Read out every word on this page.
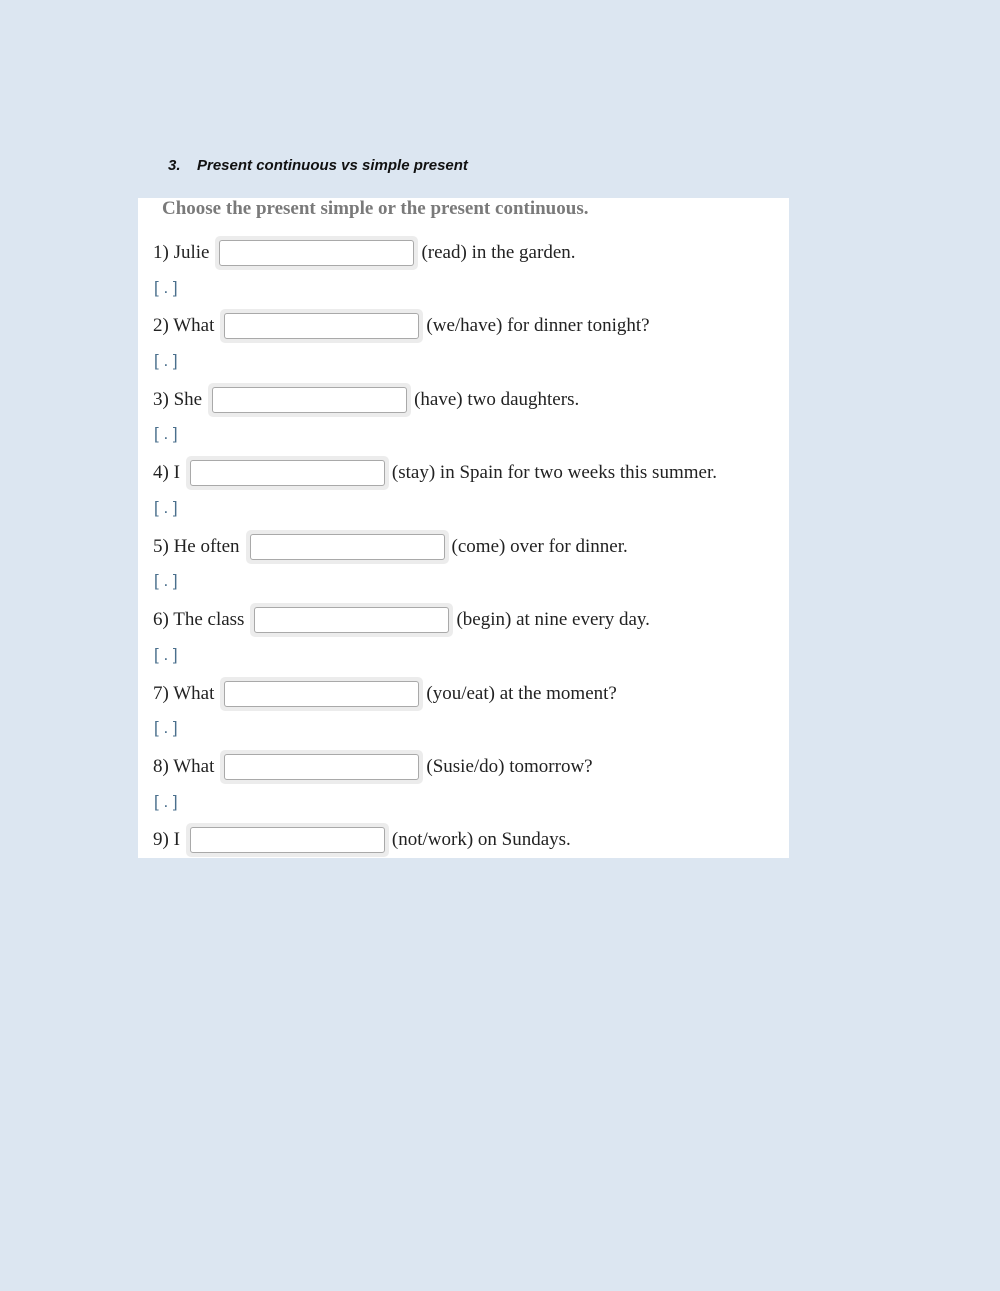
3. Present continuous vs simple present
Choose the present simple or the present continuous.
1) Julie	(read) in the garden.
[ . ]
2) What	(we/have) for dinner tonight?
[ . ]
3) She	(have) two daughters.
[ . ]
4) I	(stay) in Spain for two weeks this summer.
[ . ]
5) He often	(come) over for dinner.
[ . ]
6) The class	(begin) at nine every day.
[ . ]
7) What	(you/eat) at the moment?
[ . ]
8) What	(Susie/do) tomorrow?
[ . ]
9) I	(not/work) on Sundays.
